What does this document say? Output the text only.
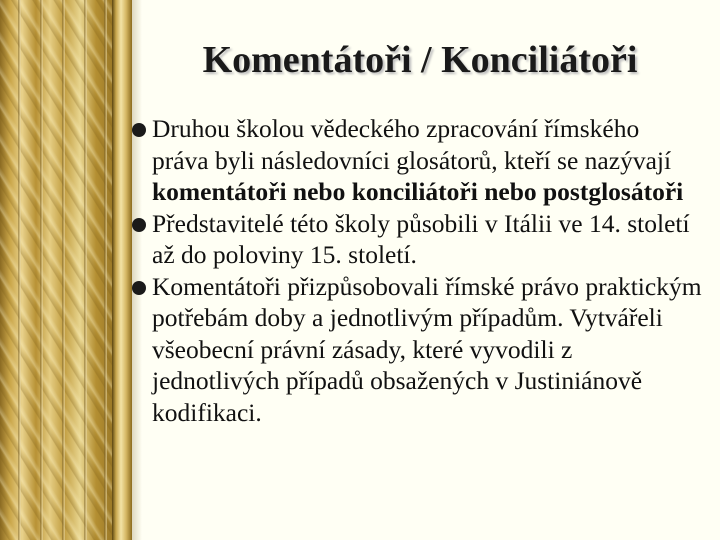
Komentátoři / Konciliátoři
Druhou školou vědeckého zpracování římského práva byli následovníci glosátorů, kteří se nazývají komentátoři nebo konciliátoři nebo postglosátoři
Představitelé této školy působili v Itálii ve 14. století až do poloviny 15. století.
Komentátoři přizpůsobovali římské právo praktickým potřebám doby a jednotlivým případům. Vytvářeli všeobecní právní zásady, které vyvodili z jednotlivých případů obsažených v Justiniánově kodifikaci.
